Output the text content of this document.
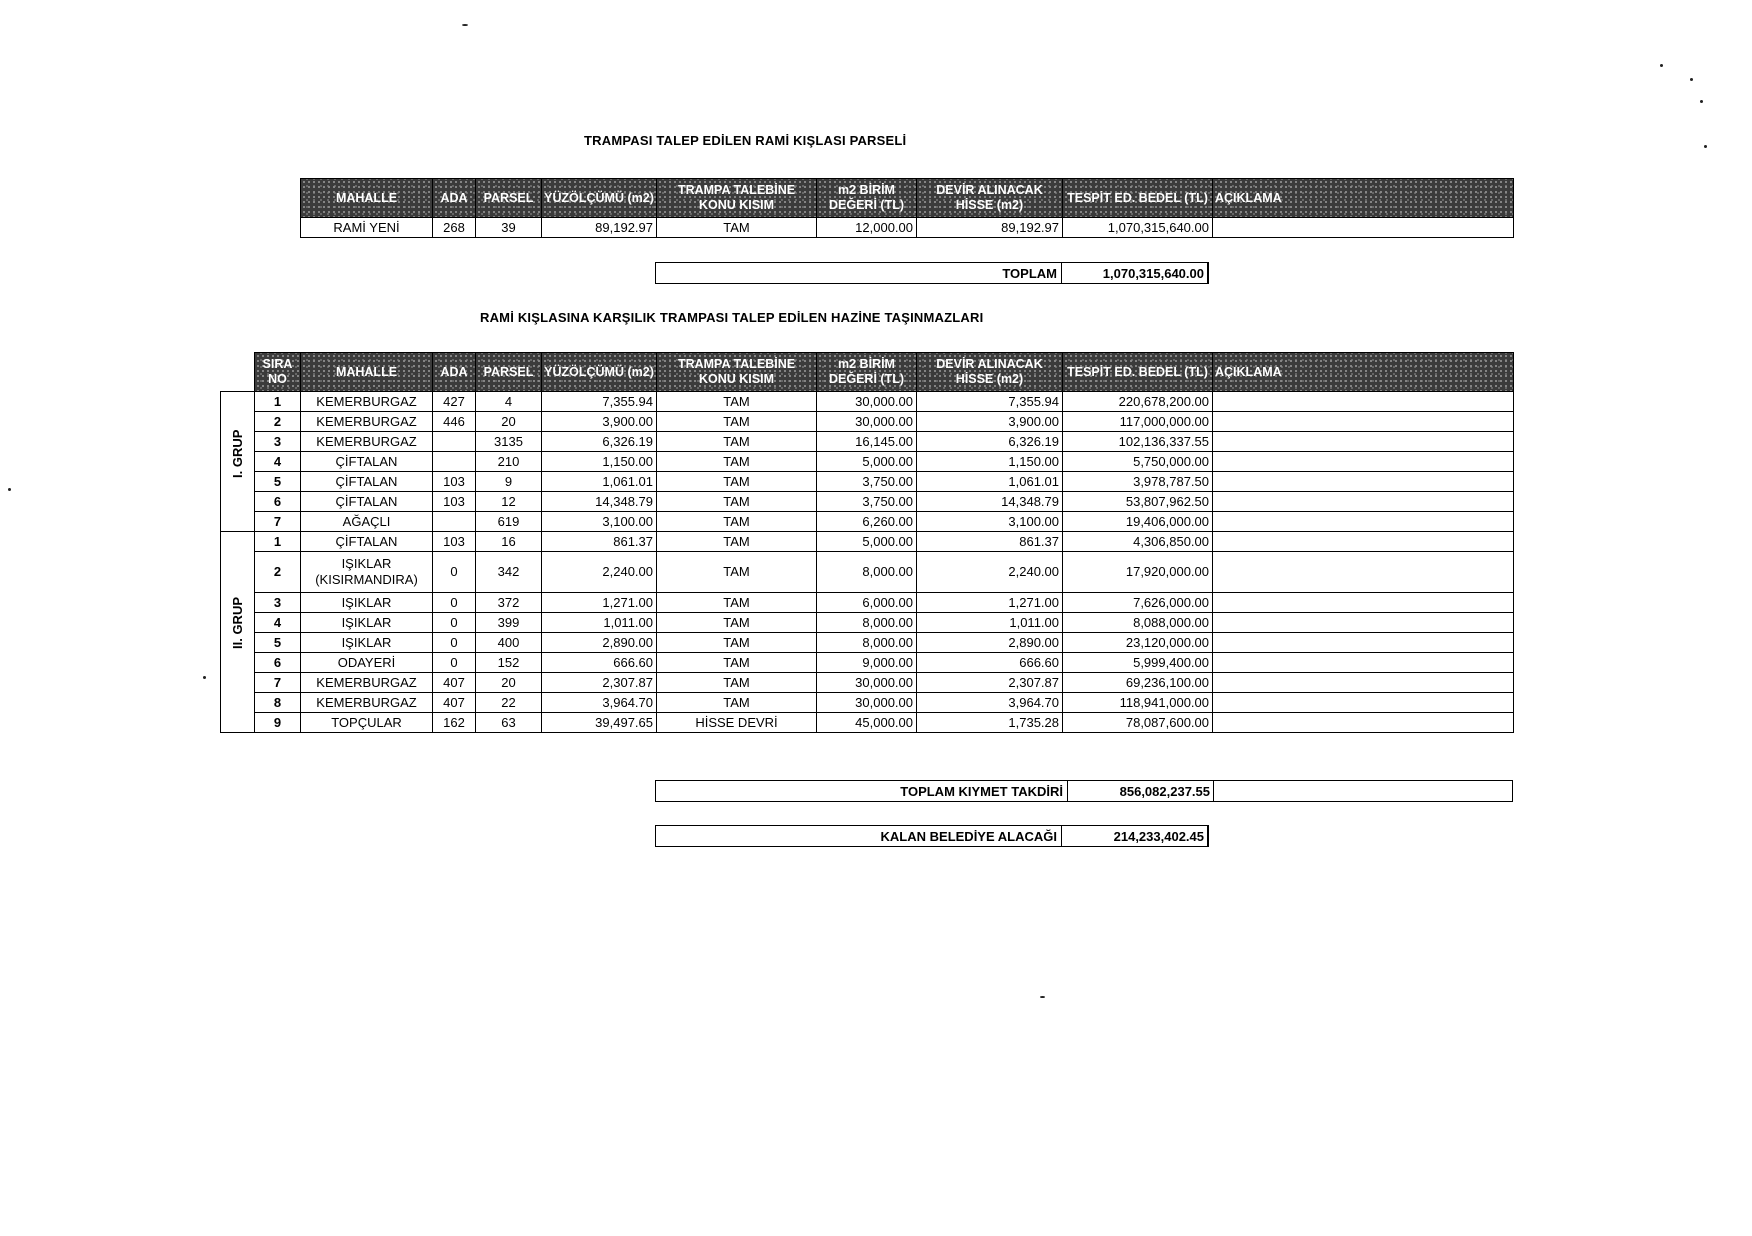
TRAMPASI TALEP EDİLEN RAMİ KIŞLASI PARSELİ
MAHALLE	ADA	PARSEL	YÜZÖLÇÜMÜ (m2)	TRAMPA TALEBİNE KONU KISIM	m2 BİRİM DEĞERİ (TL)	DEVİR ALINACAK HİSSE (m2)	TESPİT ED. BEDEL (TL)	AÇIKLAMA
RAMİ YENİ	268	39	89,192.97	TAM	12,000.00	89,192.97	1,070,315,640.00	
TOPLAM	1,070,315,640.00
RAMİ KIŞLASINA KARŞILIK TRAMPASI TALEP EDİLEN HAZİNE TAŞINMAZLARI
	SIRA NO	MAHALLE	ADA	PARSEL	YÜZÖLÇÜMÜ (m2)	TRAMPA TALEBİNE KONU KISIM	m2 BİRİM DEĞERİ (TL)	DEVİR ALINACAK HİSSE (m2)	TESPİT ED. BEDEL (TL)	AÇIKLAMA

I. GRUP	1	KEMERBURGAZ	427	4	7,355.94	TAM	30,000.00	7,355.94	220,678,200.00	
	2	KEMERBURGAZ	446	20	3,900.00	TAM	30,000.00	3,900.00	117,000,000.00	
	3	KEMERBURGAZ		3135	6,326.19	TAM	16,145.00	6,326.19	102,136,337.55	
	4	ÇİFTALAN		210	1,150.00	TAM	5,000.00	1,150.00	5,750,000.00	
	5	ÇİFTALAN	103	9	1,061.01	TAM	3,750.00	1,061.01	3,978,787.50	
	6	ÇİFTALAN	103	12	14,348.79	TAM	3,750.00	14,348.79	53,807,962.50	
	7	AĞAÇLI		619	3,100.00	TAM	6,260.00	3,100.00	19,406,000.00	

II. GRUP	1	ÇİFTALAN	103	16	861.37	TAM	5,000.00	861.37	4,306,850.00	
	2	IŞIKLAR (KISIRMANDIRA)	0	342	2,240.00	TAM	8,000.00	2,240.00	17,920,000.00	
	3	IŞIKLAR	0	372	1,271.00	TAM	6,000.00	1,271.00	7,626,000.00	
	4	IŞIKLAR	0	399	1,011.00	TAM	8,000.00	1,011.00	8,088,000.00	
	5	IŞIKLAR	0	400	2,890.00	TAM	8,000.00	2,890.00	23,120,000.00	
	6	ODAYERİ	0	152	666.60	TAM	9,000.00	666.60	5,999,400.00	
	7	KEMERBURGAZ	407	20	2,307.87	TAM	30,000.00	2,307.87	69,236,100.00	
	8	KEMERBURGAZ	407	22	3,964.70	TAM	30,000.00	3,964.70	118,941,000.00	
	9	TOPÇULAR	162	63	39,497.65	HİSSE DEVRİ	45,000.00	1,735.28	78,087,600.00	
TOPLAM KIYMET TAKDİRİ	856,082,237.55
KALAN BELEDİYE ALACAĞI	214,233,402.45
